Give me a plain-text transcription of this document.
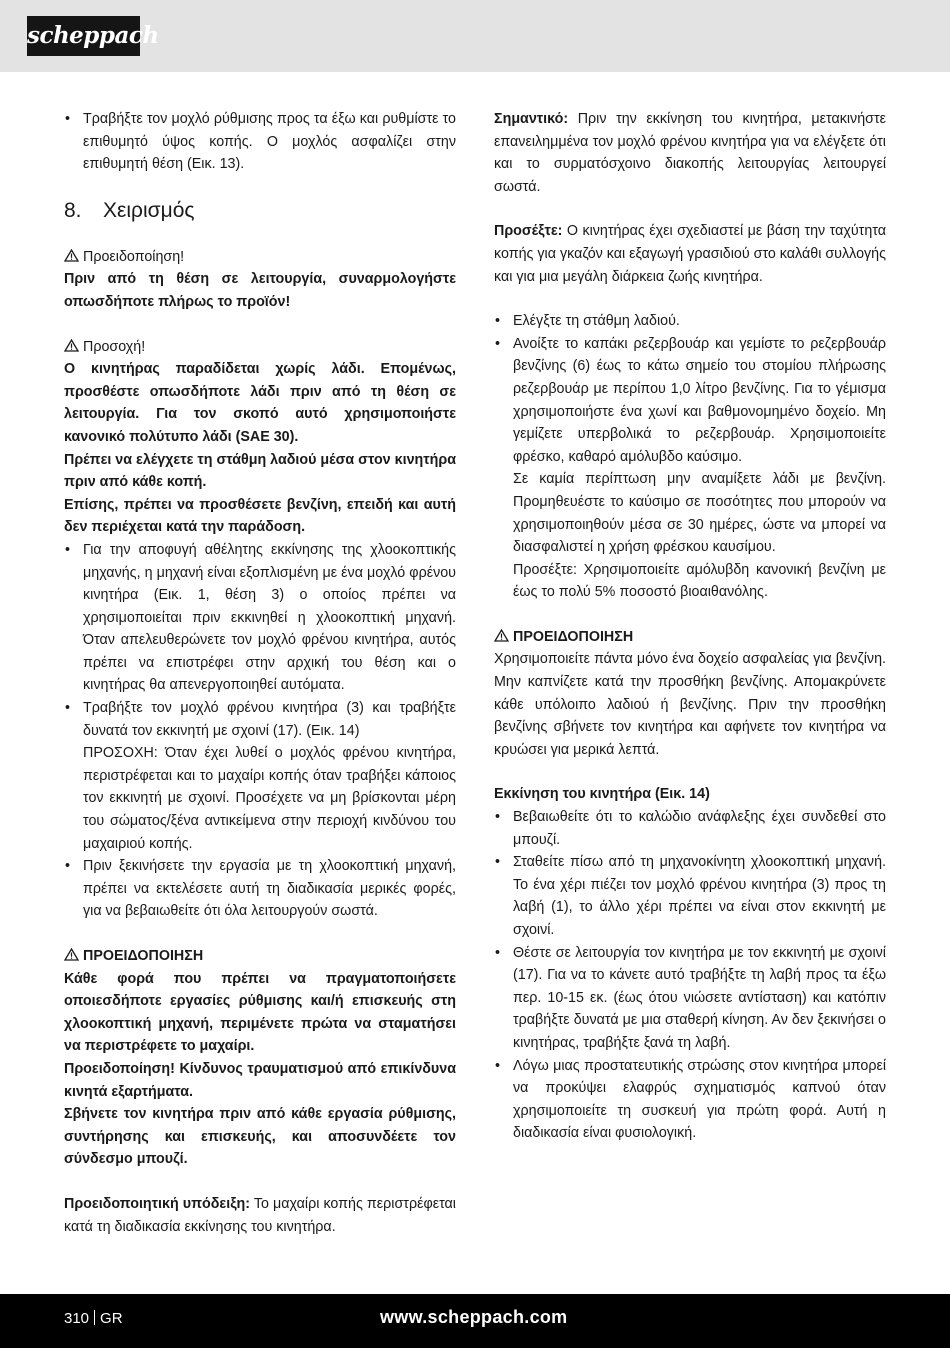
scheppach
• Τραβήξτε τον μοχλό ρύθμισης προς τα έξω και ρυθμίστε το επιθυμητό ύψος κοπής. Ο μοχλός ασφαλίζει στην επιθυμητή θέση (Εικ. 13).
8. Χειρισμός

Προειδοποίηση!

Πριν από τη θέση σε λειτουργία, συναρμολογήστε οπωσδήποτε πλήρως το προϊόν!

Προσοχή!

Ο κινητήρας παραδίδεται χωρίς λάδι. Επομένως, προσθέστε οπωσδήποτε λάδι πριν από τη θέση σε λειτουργία. Για τον σκοπό αυτό χρησιμοποιήστε κανονικό πολύτυπο λάδι (SAE 30).

Πρέπει να ελέγχετε τη στάθμη λαδιού μέσα στον κινητήρα πριν από κάθε κοπή.

Επίσης, πρέπει να προσθέσετε βενζίνη, επειδή και αυτή δεν περιέχεται κατά την παράδοση.

• Για την αποφυγή αθέλητης εκκίνησης της χλοοκοπτικής μηχανής, η μηχανή είναι εξοπλισμένη με ένα μοχλό φρένου κινητήρα (Εικ. 1, θέση 3) ο οποίος πρέπει να χρησιμοποιείται πριν εκκινηθεί η χλοοκοπτική μηχανή. Όταν απελευθερώνετε τον μοχλό φρένου κινητήρα, αυτός πρέπει να επιστρέφει στην αρχική του θέση και ο κινητήρας θα απενεργοποιηθεί αυτόματα.
• Τραβήξτε τον μοχλό φρένου κινητήρα (3) και τραβήξτε δυνατά τον εκκινητή με σχοινί (17). (Εικ. 14)
ΠΡΟΣΟΧΗ: Όταν έχει λυθεί ο μοχλός φρένου κινητήρα, περιστρέφεται και το μαχαίρι κοπής όταν τραβήξει κάποιος τον εκκινητή με σχοινί. Προσέχετε να μη βρίσκονται μέρη του σώματος/ξένα αντικείμενα στην περιοχή κινδύνου του μαχαιριού κοπής.
• Πριν ξεκινήσετε την εργασία με τη χλοοκοπτική μηχανή, πρέπει να εκτελέσετε αυτή τη διαδικασία μερικές φορές, για να βεβαιωθείτε ότι όλα λειτουργούν σωστά.

ΠΡΟΕΙΔΟΠΟΙΗΣΗ

Κάθε φορά που πρέπει να πραγματοποιήσετε οποιεσδήποτε εργασίες ρύθμισης και/ή επισκευής στη χλοοκοπτική μηχανή, περιμένετε πρώτα να σταματήσει να περιστρέφετε το μαχαίρι.

Προειδοποίηση! Κίνδυνος τραυματισμού από επικίνδυνα κινητά εξαρτήματα.

Σβήνετε τον κινητήρα πριν από κάθε εργασία ρύθμισης, συντήρησης και επισκευής, και αποσυνδέετε τον σύνδεσμο μπουζί.

Προειδοποιητική υπόδειξη: Το μαχαίρι κοπής περιστρέφεται κατά τη διαδικασία εκκίνησης του κινητήρα.

Σημαντικό: Πριν την εκκίνηση του κινητήρα, μετακινήστε επανειλημμένα τον μοχλό φρένου κινητήρα για να ελέγξετε ότι και το συρματόσχοινο διακοπής λειτουργίας λειτουργεί σωστά.

Προσέξτε: Ο κινητήρας έχει σχεδιαστεί με βάση την ταχύτητα κοπής για γκαζόν και εξαγωγή γρασιδιού στο καλάθι συλλογής και για μια μεγάλη διάρκεια ζωής κινητήρα.

• Ελέγξτε τη στάθμη λαδιού.
• Ανοίξτε το καπάκι ρεζερβουάρ και γεμίστε το ρεζερβουάρ βενζίνης (6) έως το κάτω σημείο του στομίου πλήρωσης ρεζερβουάρ με περίπου 1,0 λίτρο βενζίνης. Για το γέμισμα χρησιμοποιήστε ένα χωνί και βαθμονομημένο δοχείο. Μη γεμίζετε υπερβολικά το ρεζερβουάρ. Χρησιμοποιείτε φρέσκο, καθαρό αμόλυβδο καύσιμο.
Σε καμία περίπτωση μην αναμίξετε λάδι με βενζίνη. Προμηθευέστε το καύσιμο σε ποσότητες που μπορούν να χρησιμοποιηθούν μέσα σε 30 ημέρες, ώστε να μπορεί να διασφαλιστεί η χρήση φρέσκου καυσίμου.
Προσέξτε: Χρησιμοποιείτε αμόλυβδη κανονική βενζίνη με έως το πολύ 5% ποσοστό βιοαιθανόλης.

ΠΡΟΕΙΔΟΠΟΙΗΣΗ

Χρησιμοποιείτε πάντα μόνο ένα δοχείο ασφαλείας για βενζίνη. Μην καπνίζετε κατά την προσθήκη βενζίνης. Απομακρύνετε κάθε υπόλοιπο λαδιού ή βενζίνης. Πριν την προσθήκη βενζίνης σβήνετε τον κινητήρα και αφήνετε τον κινητήρα να κρυώσει για μερικά λεπτά.

Εκκίνηση του κινητήρα (Εικ. 14)

• Βεβαιωθείτε ότι το καλώδιο ανάφλεξης έχει συνδεθεί στο μπουζί.
• Σταθείτε πίσω από τη μηχανοκίνητη χλοοκοπτική μηχανή. Το ένα χέρι πιέζει τον μοχλό φρένου κινητήρα (3) προς τη λαβή (1), το άλλο χέρι πρέπει να είναι στον εκκινητή με σχοινί.
• Θέστε σε λειτουργία τον κινητήρα με τον εκκινητή με σχοινί (17). Για να το κάνετε αυτό τραβήξτε τη λαβή προς τα έξω περ. 10-15 εκ. (έως ότου νιώσετε αντίσταση) και κατόπιν τραβήξτε δυνατά με μια σταθερή κίνηση. Αν δεν ξεκινήσει ο κινητήρας, τραβήξτε ξανά τη λαβή.
• Λόγω μιας προστατευτικής στρώσης στον κινητήρα μπορεί να προκύψει ελαφρύς σχηματισμός καπνού όταν χρησιμοποιείτε τη συσκευή για πρώτη φορά. Αυτή η διαδικασία είναι φυσιολογική.
310 GR	www.scheppach.com
